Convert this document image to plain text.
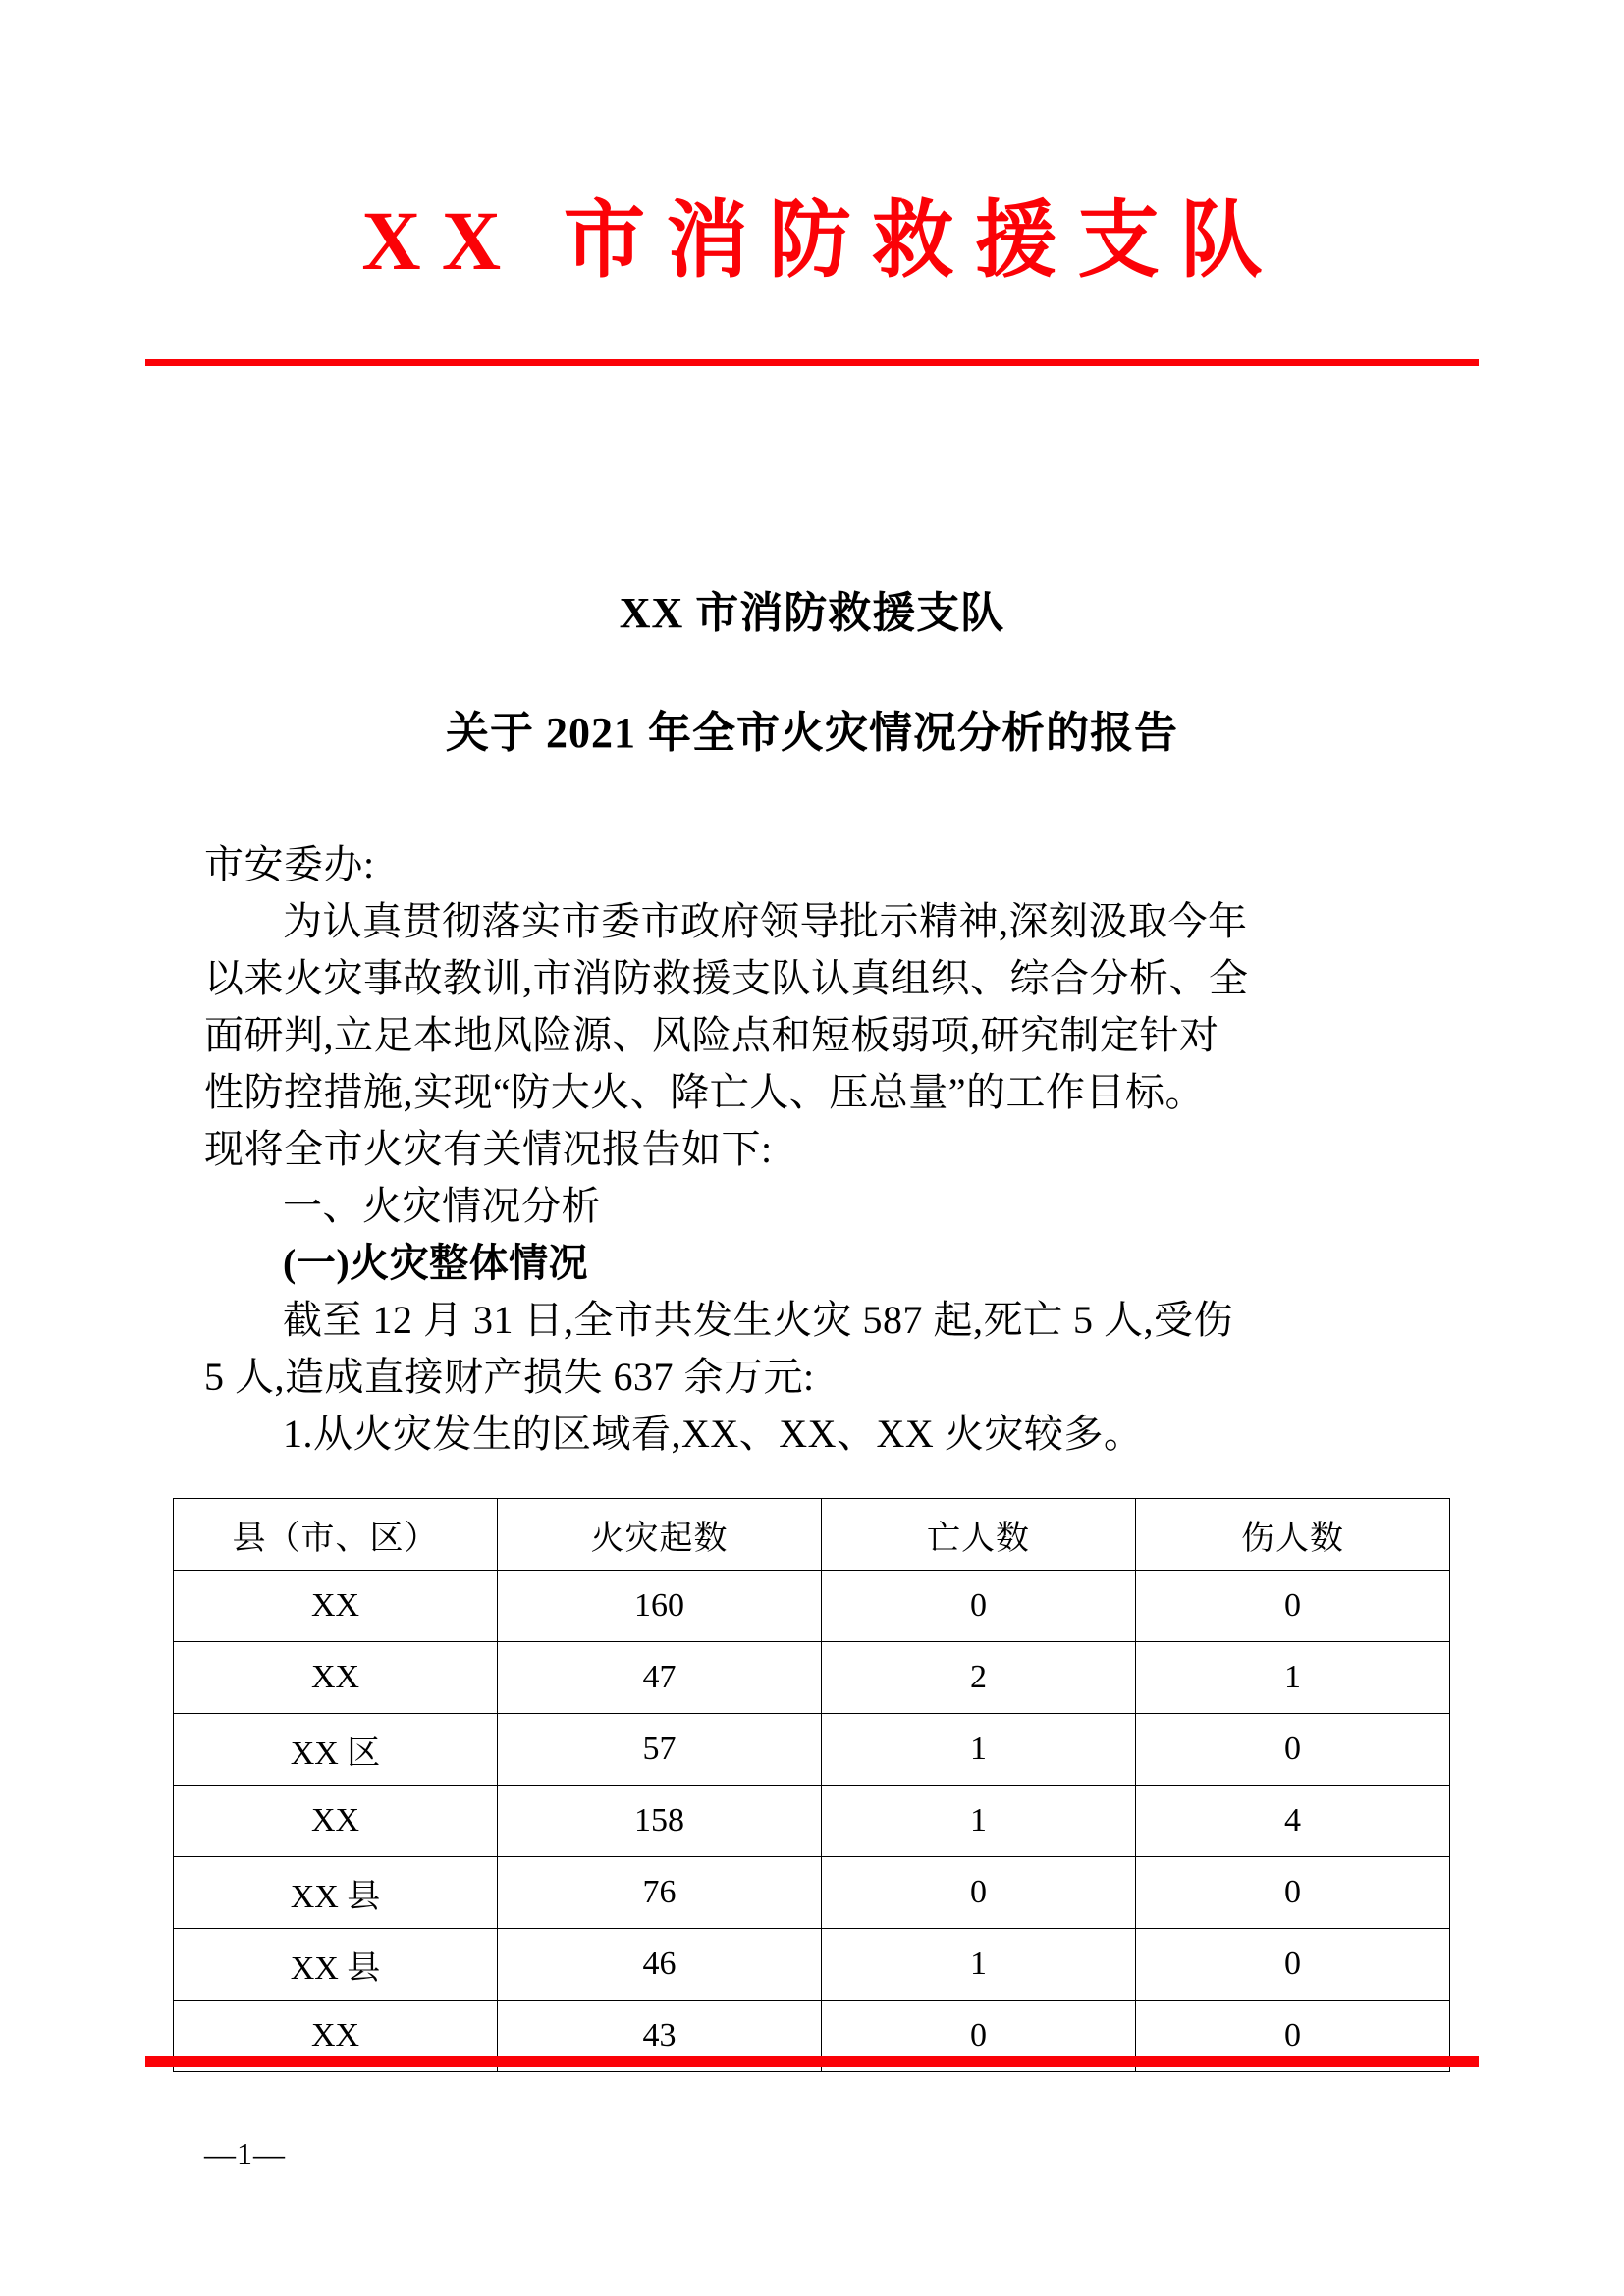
XX 市消防救援支队
XX 市消防救援支队
关于 2021 年全市火灾情况分析的报告
市安委办:
为认真贯彻落实市委市政府领导批示精神,深刻汲取今年
以来火灾事故教训,市消防救援支队认真组织、综合分析、全
面研判,立足本地风险源、风险点和短板弱项,研究制定针对
性防控措施,实现“防大火、降亡人、压总量”的工作目标。
现将全市火灾有关情况报告如下:
一、火灾情况分析
(一)火灾整体情况
截至 12 月 31 日,全市共发生火灾 587 起,死亡 5 人,受伤
5 人,造成直接财产损失 637 余万元:
1.从火灾发生的区域看,XX、XX、XX 火灾较多。
县（市、区）	火灾起数	亡人数	伤人数
XX	160	0	0
XX	47	2	1
XX 区	57	1	0
XX	158	1	4
XX 县	76	0	0
XX 县	46	1	0
XX	43	0	0
—1—
